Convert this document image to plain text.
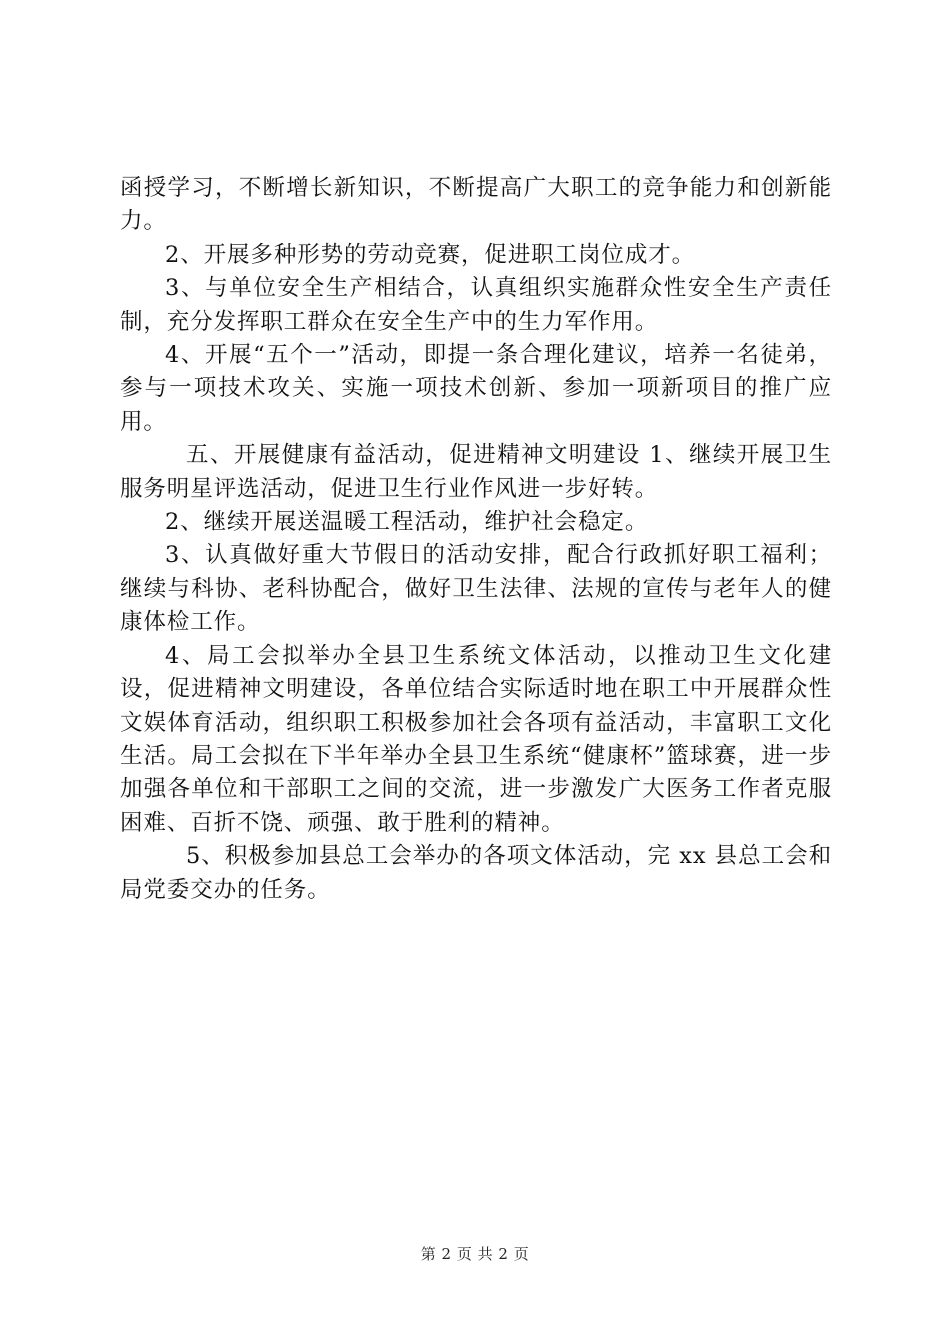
函授学习，不断增长新知识，不断提高广大职工的竞争能力和创新能力。

2、开展多种形势的劳动竞赛，促进职工岗位成才。

3、与单位安全生产相结合，认真组织实施群众性安全生产责任制，充分发挥职工群众在安全生产中的生力军作用。

4、开展“五个一”活动，即提一条合理化建议，培养一名徒弟，参与一项技术攻关、实施一项技术创新、参加一项新项目的推广应用。

五、开展健康有益活动，促进精神文明建设 1、继续开展卫生服务明星评选活动，促进卫生行业作风进一步好转。

2、继续开展送温暖工程活动，维护社会稳定。

3、认真做好重大节假日的活动安排，配合行政抓好职工福利；继续与科协、老科协配合，做好卫生法律、法规的宣传与老年人的健康体检工作。

4、局工会拟举办全县卫生系统文体活动，以推动卫生文化建设，促进精神文明建设，各单位结合实际适时地在职工中开展群众性文娱体育活动，组织职工积极参加社会各项有益活动，丰富职工文化生活。局工会拟在下半年举办全县卫生系统“健康杯”篮球赛，进一步加强各单位和干部职工之间的交流，进一步激发广大医务工作者克服困难、百折不饶、顽强、敢于胜利的精神。

5、积极参加县总工会举办的各项文体活动，完 xx 县总工会和局党委交办的任务。

第 2 页 共 2 页
